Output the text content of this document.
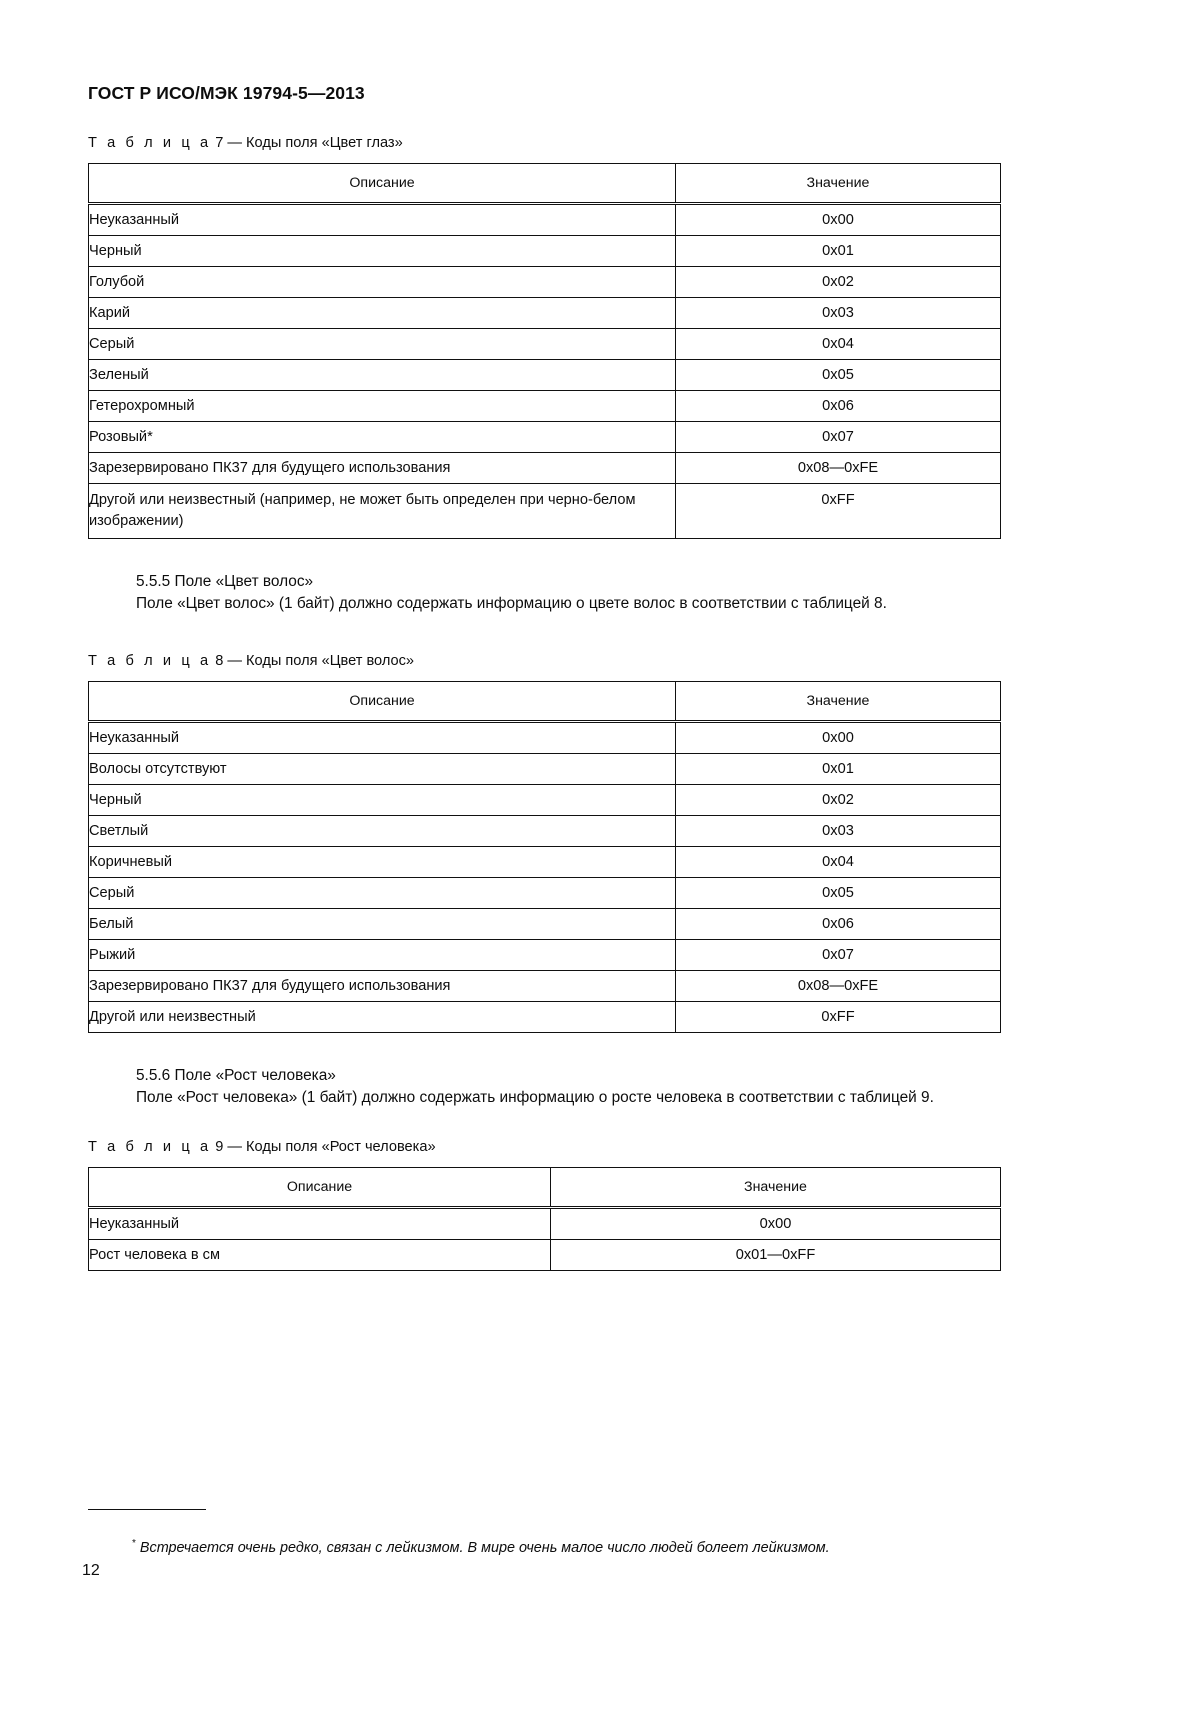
ГОСТ Р ИСО/МЭК 19794-5—2013

Т а б л и ц а 7 — Коды поля «Цвет глаз»

Описание	Значение
Неуказанный	0x00
Черный	0x01
Голубой	0x02
Карий	0x03
Серый	0x04
Зеленый	0x05
Гетерохромный	0x06
Розовый*	0x07
Зарезервировано ПК37 для будущего использования	0x08—0xFE
Другой или неизвестный (например, не может быть определен при черно-белом изображении)	0xFF

5.5.5 Поле «Цвет волос»

Поле «Цвет волос» (1 байт) должно содержать информацию о цвете волос в соответствии с таблицей 8.

Т а б л и ц а 8 — Коды поля «Цвет волос»

Описание	Значение
Неуказанный	0x00
Волосы отсутствуют	0x01
Черный	0x02
Светлый	0x03
Коричневый	0x04
Серый	0x05
Белый	0x06
Рыжий	0x07
Зарезервировано ПК37 для будущего использования	0x08—0xFE
Другой или неизвестный	0xFF

5.5.6 Поле «Рост человека»

Поле «Рост человека» (1 байт) должно содержать информацию о росте человека в соответствии с таблицей 9.

Т а б л и ц а 9 — Коды поля «Рост человека»

Описание	Значение
Неуказанный	0x00
Рост человека в см	0x01—0xFF

* Встречается очень редко, связан с лейкизмом. В мире очень малое число людей болеет лейкизмом.

12
